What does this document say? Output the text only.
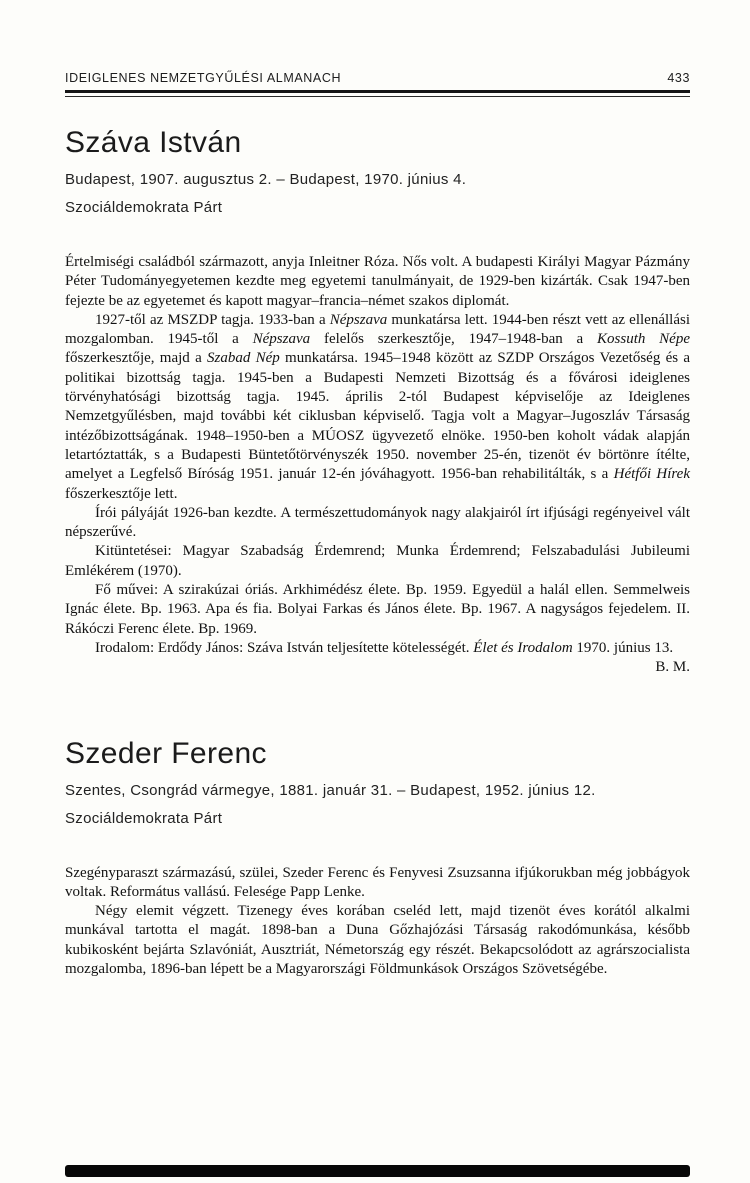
IDEIGLENES NEMZETGYŰLÉSI ALMANACH	433
Száva István

Budapest, 1907. augusztus 2. – Budapest, 1970. június 4.

Szociáldemokrata Párt

Értelmiségi családból származott, anyja Inleitner Róza. Nős volt. A budapesti Királyi Magyar Pázmány Péter Tudományegyetemen kezdte meg egyetemi tanulmányait, de 1929-ben kizárták. Csak 1947-ben fejezte be az egyetemet és kapott magyar–francia–német szakos diplomát.

1927-től az MSZDP tagja. 1933-ban a Népszava munkatársa lett. 1944-ben részt vett az ellenállási mozgalomban. 1945-től a Népszava felelős szerkesztője, 1947–1948-ban a Kossuth Népe főszerkesztője, majd a Szabad Nép munkatársa. 1945–1948 között az SZDP Országos Vezetőség és a politikai bizottság tagja. 1945-ben a Budapesti Nemzeti Bizottság és a fővárosi ideiglenes törvényhatósági bizottság tagja. 1945. április 2-tól Budapest képviselője az Ideiglenes Nemzetgyűlésben, majd további két ciklusban képviselő. Tagja volt a Magyar–Jugoszláv Társaság intézőbizottságának. 1948–1950-ben a MÚOSZ ügyvezető elnöke. 1950-ben koholt vádak alapján letartóztatták, s a Budapesti Büntetőtörvényszék 1950. november 25-én, tizenöt év börtönre ítélte, amelyet a Legfelső Bíróság 1951. január 12-én jóváhagyott. 1956-ban rehabilitálták, s a Hétfői Hírek főszerkesztője lett.

Írói pályáját 1926-ban kezdte. A természettudományok nagy alakjairól írt ifjúsági regényeivel vált népszerűvé.

Kitüntetései: Magyar Szabadság Érdemrend; Munka Érdemrend; Felszabadulási Jubileumi Emlékérem (1970).

Fő művei: A szirakúzai óriás. Arkhimédész élete. Bp. 1959. Egyedül a halál ellen. Semmelweis Ignác élete. Bp. 1963. Apa és fia. Bolyai Farkas és János élete. Bp. 1967. A nagyságos fejedelem. II. Rákóczi Ferenc élete. Bp. 1969.

Irodalom: Erdődy János: Száva István teljesítette kötelességét. Élet és Irodalom 1970. június 13.

B. M.

Szeder Ferenc

Szentes, Csongrád vármegye, 1881. január 31. – Budapest, 1952. június 12.

Szociáldemokrata Párt

Szegényparaszt származású, szülei, Szeder Ferenc és Fenyvesi Zsuzsanna ifjúkorukban még jobbágyok voltak. Református vallású. Felesége Papp Lenke.

Négy elemit végzett. Tizenegy éves korában cseléd lett, majd tizenöt éves korától alkalmi munkával tartotta el magát. 1898-ban a Duna Gőzhajózási Társaság rakodómunkása, később kubikosként bejárta Szlavóniát, Ausztriát, Németország egy részét. Bekapcsolódott az agrárszocialista mozgalomba, 1896-ban lépett be a Magyarországi Földmunkások Országos Szövetségébe.
